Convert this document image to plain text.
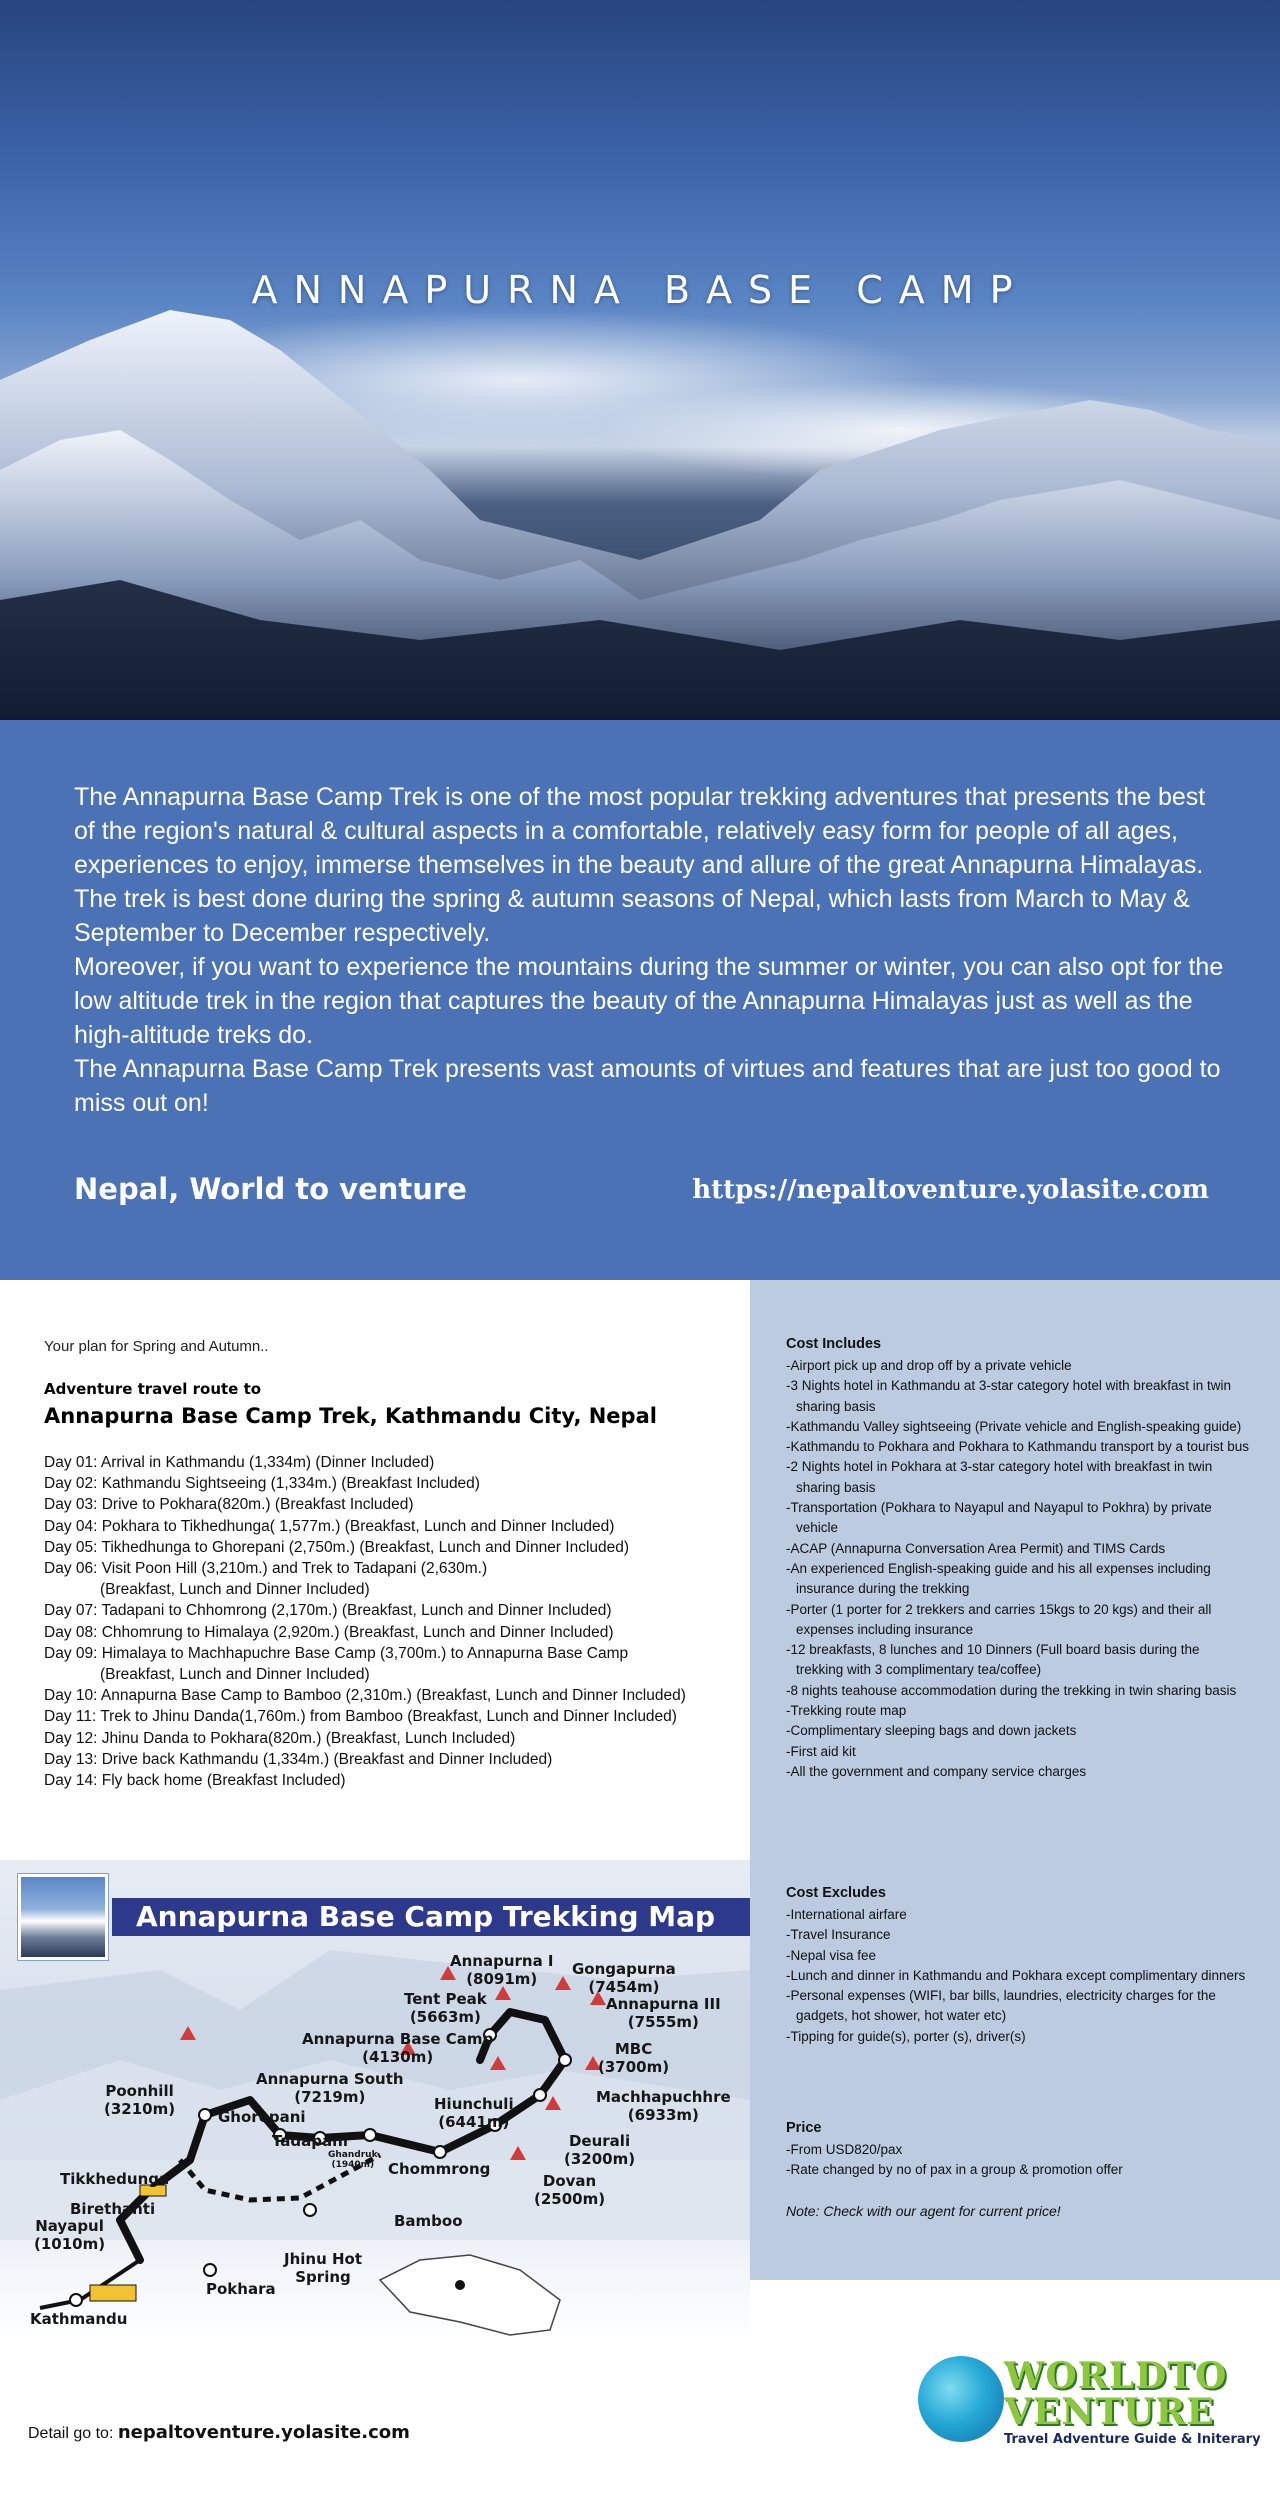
ANNAPURNA BASE CAMP

The Annapurna Base Camp Trek is one of the most popular trekking adventures that presents the best of the region's natural & cultural aspects in a comfortable, relatively easy form for people of all ages, experiences to enjoy, immerse themselves in the beauty and allure of the great Annapurna Himalayas. The trek is best done during the spring & autumn seasons of Nepal, which lasts from March to May & September to December respectively.

Moreover, if you want to experience the mountains during the summer or winter, you can also opt for the low altitude trek in the region that captures the beauty of the Annapurna Himalayas just as well as the high-altitude treks do.

The Annapurna Base Camp Trek presents vast amounts of virtues and features that are just too good to miss out on!

Nepal, World to venture	https://nepaltoventure.yolasite.com
Your plan for Spring and Autumn..
Adventure travel route to
Annapurna Base Camp Trek, Kathmandu City, Nepal
Day 01: Arrival in Kathmandu (1,334m) (Dinner Included)
Day 02: Kathmandu Sightseeing (1,334m.) (Breakfast Included)
Day 03: Drive to Pokhara(820m.) (Breakfast Included)
Day 04: Pokhara to Tikhedhunga( 1,577m.) (Breakfast, Lunch and Dinner Included)
Day 05: Tikhedhunga to Ghorepani (2,750m.) (Breakfast, Lunch and Dinner Included)
Day 06: Visit Poon Hill (3,210m.) and Trek to Tadapani (2,630m.)
(Breakfast, Lunch and Dinner Included)
Day 07: Tadapani to Chhomrong (2,170m.) (Breakfast, Lunch and Dinner Included)
Day 08: Chhomrung to Himalaya (2,920m.) (Breakfast, Lunch and Dinner Included)
Day 09: Himalaya to Machhapuchre Base Camp (3,700m.) to Annapurna Base Camp
(Breakfast, Lunch and Dinner Included)
Day 10: Annapurna Base Camp to Bamboo (2,310m.) (Breakfast, Lunch and Dinner Included)
Day 11: Trek to Jhinu Danda(1,760m.) from Bamboo (Breakfast, Lunch and Dinner Included)
Day 12: Jhinu Danda to Pokhara(820m.) (Breakfast, Lunch Included)
Day 13: Drive back Kathmandu (1,334m.) (Breakfast and Dinner Included)
Day 14: Fly back home (Breakfast Included)
Cost Includes
-Airport pick up and drop off by a private vehicle
-3 Nights hotel in Kathmandu at 3-star category hotel with breakfast in twin sharing basis
-Kathmandu Valley sightseeing (Private vehicle and English-speaking guide)
-Kathmandu to Pokhara and Pokhara to Kathmandu transport by a tourist bus
-2 Nights hotel in Pokhara at 3-star category hotel with breakfast in twin sharing basis
-Transportation (Pokhara to Nayapul and Nayapul to Pokhra) by private vehicle
-ACAP (Annapurna Conversation Area Permit) and TIMS Cards
-An experienced English-speaking guide and his all expenses including insurance during the trekking
-Porter (1 porter for 2 trekkers and carries 15kgs to 20 kgs) and their all expenses including insurance
-12 breakfasts, 8 lunches and 10 Dinners (Full board basis during the trekking with 3 complimentary tea/coffee)
-8 nights teahouse accommodation during the trekking in twin sharing basis
-Trekking route map
-Complimentary sleeping bags and down jackets
-First aid kit
-All the government and company service charges
Cost Excludes
-International airfare
-Travel Insurance
-Nepal visa fee
-Lunch and dinner in Kathmandu and Pokhara except complimentary dinners
-Personal expenses (WIFI, bar bills, laundries, electricity charges for the gadgets, hot shower, hot water etc)
-Tipping for guide(s), porter (s), driver(s)
Price
-From USD820/pax
-Rate changed by no of pax in a group & promotion offer
Note: Check with our agent for current price!
Annapurna Base Camp Trekking Map
Annapurna I
(8091m)
Gongapurna
(7454m)
Annapurna III
(7555m)
Tent Peak
(5663m)
Annapurna Base Camp
(4130m)	MBC
(3700m)
Annapurna South
(7219m)	Hiunchuli
(6441m)
Machhapuchhre
(6933m)
Poonhill
(3210m)	Ghorepani
Tadapani
Ghandruk
(1940m) Chommrong
Deurali
(3200m)
Dovan
(2500m)
Tikkhedunga
Birethanti
Bamboo
Nayapul
(1010m)
Jhinu Hot
Spring
Pokhara
Kathmandu
Detail go to: nepaltoventure.yolasite.com
WORLDTO
VENTURE
Travel Adventure Guide & Initerary
